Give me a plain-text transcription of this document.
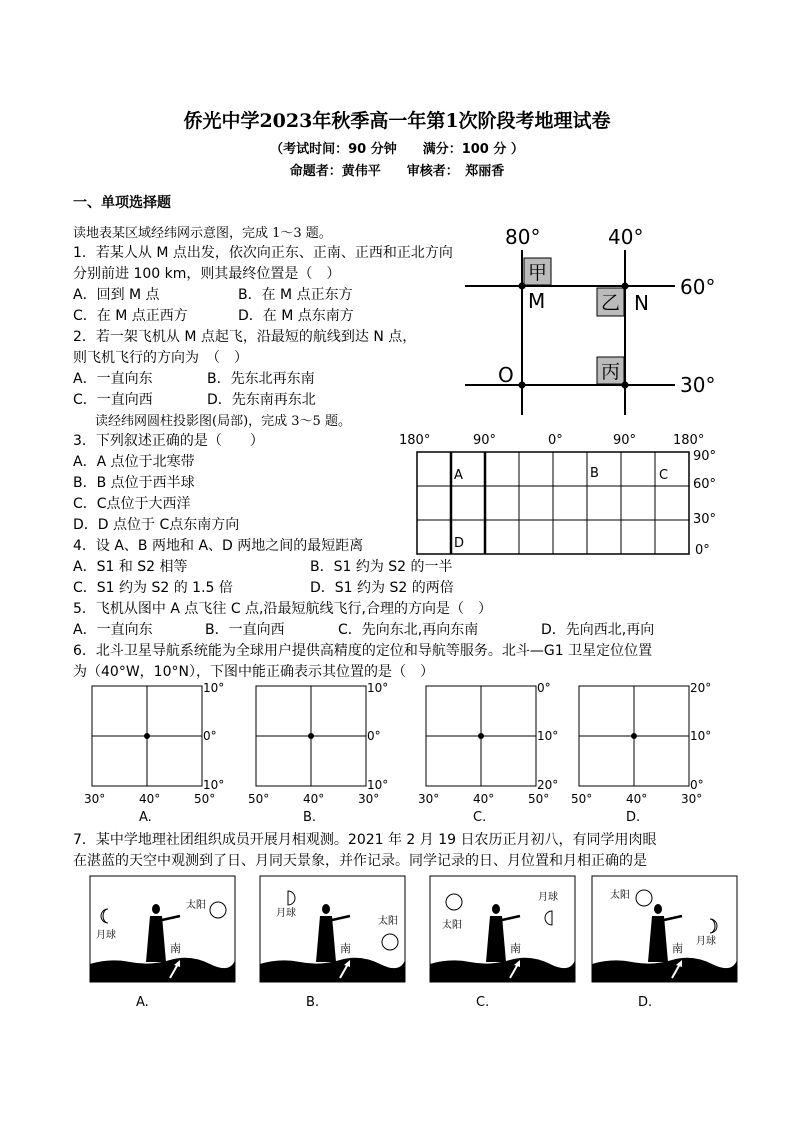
侨光中学2023年秋季高一年第1次阶段考地理试卷
（考试时间：90 分钟　　满分：100 分 ）
命题者：黄伟平　　审核者：　郑丽香
一、单项选择题
读地表某区域经纬网示意图，完成 1～3 题。
1．若某人从 M 点出发，依次向正东、正南、正西和正北方向
分别前进 100 km，则其最终位置是（　）
A．回到 M 点	B．在 M 点正东方
C．在 M 点正西方	D．在 M 点东南方
2．若一架飞机从 M 点起飞，沿最短的航线到达 N 点，
则飞机飞行的方向为　（　）
A．一直向东	B．先东北再东南
C．一直向西	D．先东南再东北
80°	40°
60°
30°
甲
乙
丙
M	N
O
读经纬网圆柱投影图(局部)，完成 3～5 题。
3．下列叙述正确的是（　　）
A．A 点位于北寒带
B．B 点位于西半球
C．C点位于大西洋
D．D 点位于 C点东南方向
4．设 A、B 两地和 A、D 两地之间的最短距离
A．S1 和 S2 相等	B．S1 约为 S2 的一半
C．S1 约为 S2 的 1.5 倍	D．S1 约为 S2 的两倍
5．飞机从图中 A 点飞往 C 点,沿最短航线飞行,合理的方向是（　）
A．一直向东	B．一直向西	C．先向东北,再向东南	D．先向西北,再向
180°	90°	0°	90°	180°
90°
60°
30°
0°
A	B	C
D
6．北斗卫星导航系统能为全球用户提供高精度的定位和导航等服务。北斗—G1 卫星定位位置
为（40°W，10°N），下图中能正确表示其位置的是（　）
7．某中学地理社团组织成员开展月相观测。2021 年 2 月 19 日农历正月初八，有同学用肉眼
在湛蓝的天空中观测到了日、月同天景象，并作记录。同学记录的日、月位置和月相正确的是
10°
0°
10°
30°	40°	50°
A.
10°
0°
10°
50°	40°	30°
B.
0°
10°
20°
30°	40°	50°
C.
20°
10°
0°
50°	40°	30°
D.
南
月球
太阳
A.
南
月球
太阳
B.
南
月球
太阳
C.
南
月球
太阳
D.
